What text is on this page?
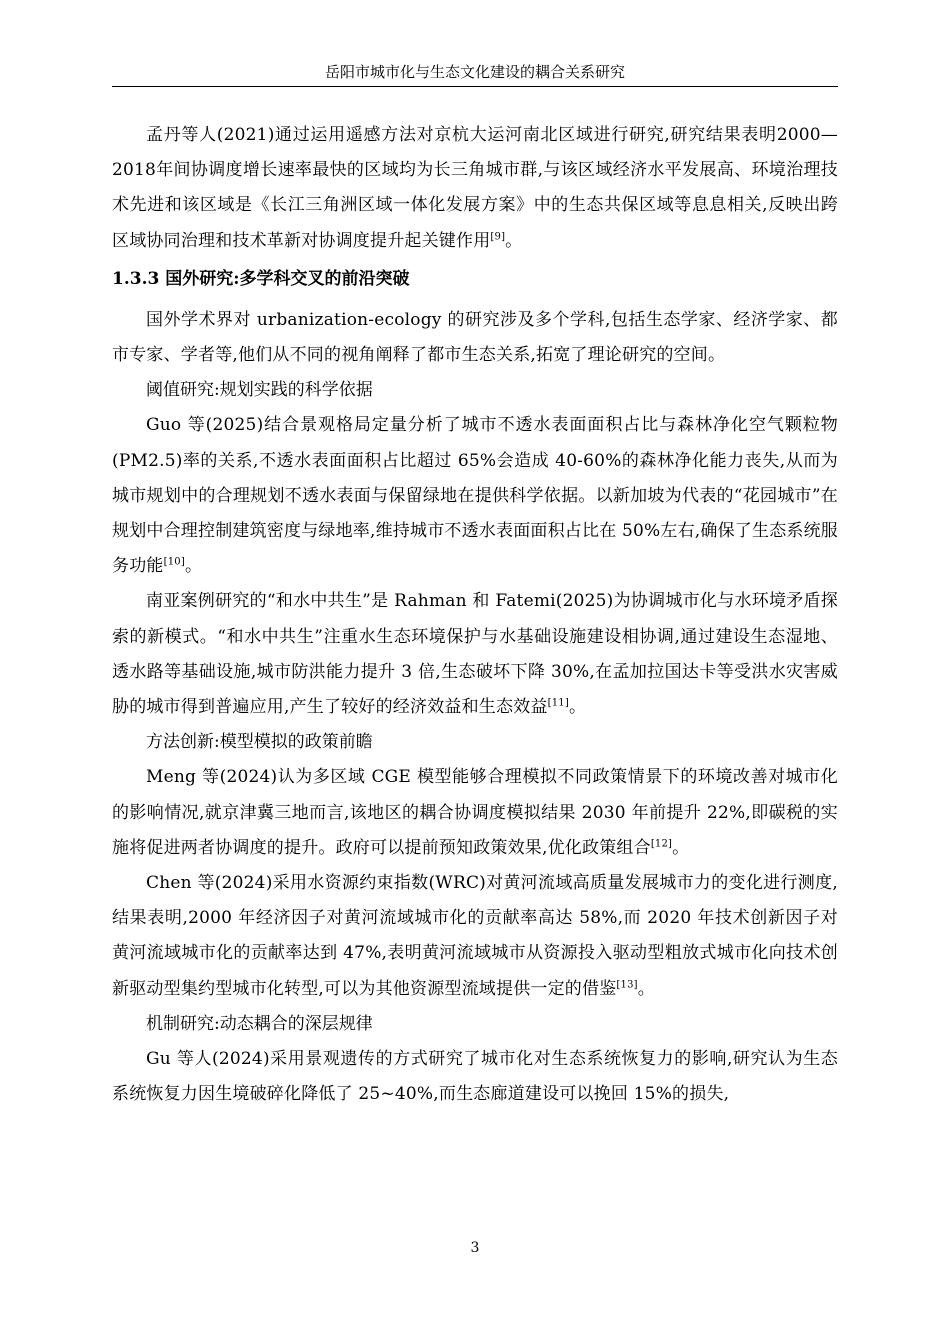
岳阳市城市化与生态文化建设的耦合关系研究

孟丹等人(2021)通过运用遥感方法对京杭大运河南北区域进行研究,研究结果表明2000—2018年间协调度增长速率最快的区域均为长三角城市群,与该区域经济水平发展高、环境治理技术先进和该区域是《长江三角洲区域一体化发展方案》中的生态共保区域等息息相关,反映出跨区域协同治理和技术革新对协调度提升起关键作用[9]。

1.3.3 国外研究:多学科交叉的前沿突破

国外学术界对 urbanization-ecology 的研究涉及多个学科,包括生态学家、经济学家、都市专家、学者等,他们从不同的视角阐释了都市生态关系,拓宽了理论研究的空间。

阈值研究:规划实践的科学依据

Guo 等(2025)结合景观格局定量分析了城市不透水表面面积占比与森林净化空气颗粒物(PM2.5)率的关系,不透水表面面积占比超过 65%会造成 40-60%的森林净化能力丧失,从而为城市规划中的合理规划不透水表面与保留绿地在提供科学依据。以新加坡为代表的“花园城市”在规划中合理控制建筑密度与绿地率,维持城市不透水表面面积占比在 50%左右,确保了生态系统服务功能[10]。

南亚案例研究的“和水中共生”是 Rahman 和 Fatemi(2025)为协调城市化与水环境矛盾探索的新模式。“和水中共生”注重水生态环境保护与水基础设施建设相协调,通过建设生态湿地、透水路等基础设施,城市防洪能力提升 3 倍,生态破坏下降 30%,在孟加拉国达卡等受洪水灾害威胁的城市得到普遍应用,产生了较好的经济效益和生态效益[11]。

方法创新:模型模拟的政策前瞻

Meng 等(2024)认为多区域 CGE 模型能够合理模拟不同政策情景下的环境改善对城市化的影响情况,就京津冀三地而言,该地区的耦合协调度模拟结果 2030 年前提升 22%,即碳税的实施将促进两者协调度的提升。政府可以提前预知政策效果,优化政策组合[12]。

Chen 等(2024)采用水资源约束指数(WRC)对黄河流域高质量发展城市力的变化进行测度,结果表明,2000 年经济因子对黄河流域城市化的贡献率高达 58%,而 2020 年技术创新因子对黄河流域城市化的贡献率达到 47%,表明黄河流域城市从资源投入驱动型粗放式城市化向技术创新驱动型集约型城市化转型,可以为其他资源型流域提供一定的借鉴[13]。

机制研究:动态耦合的深层规律

Gu 等人(2024)采用景观遗传的方式研究了城市化对生态系统恢复力的影响,研究认为生态系统恢复力因生境破碎化降低了 25~40%,而生态廊道建设可以挽回 15%的损失,

3
